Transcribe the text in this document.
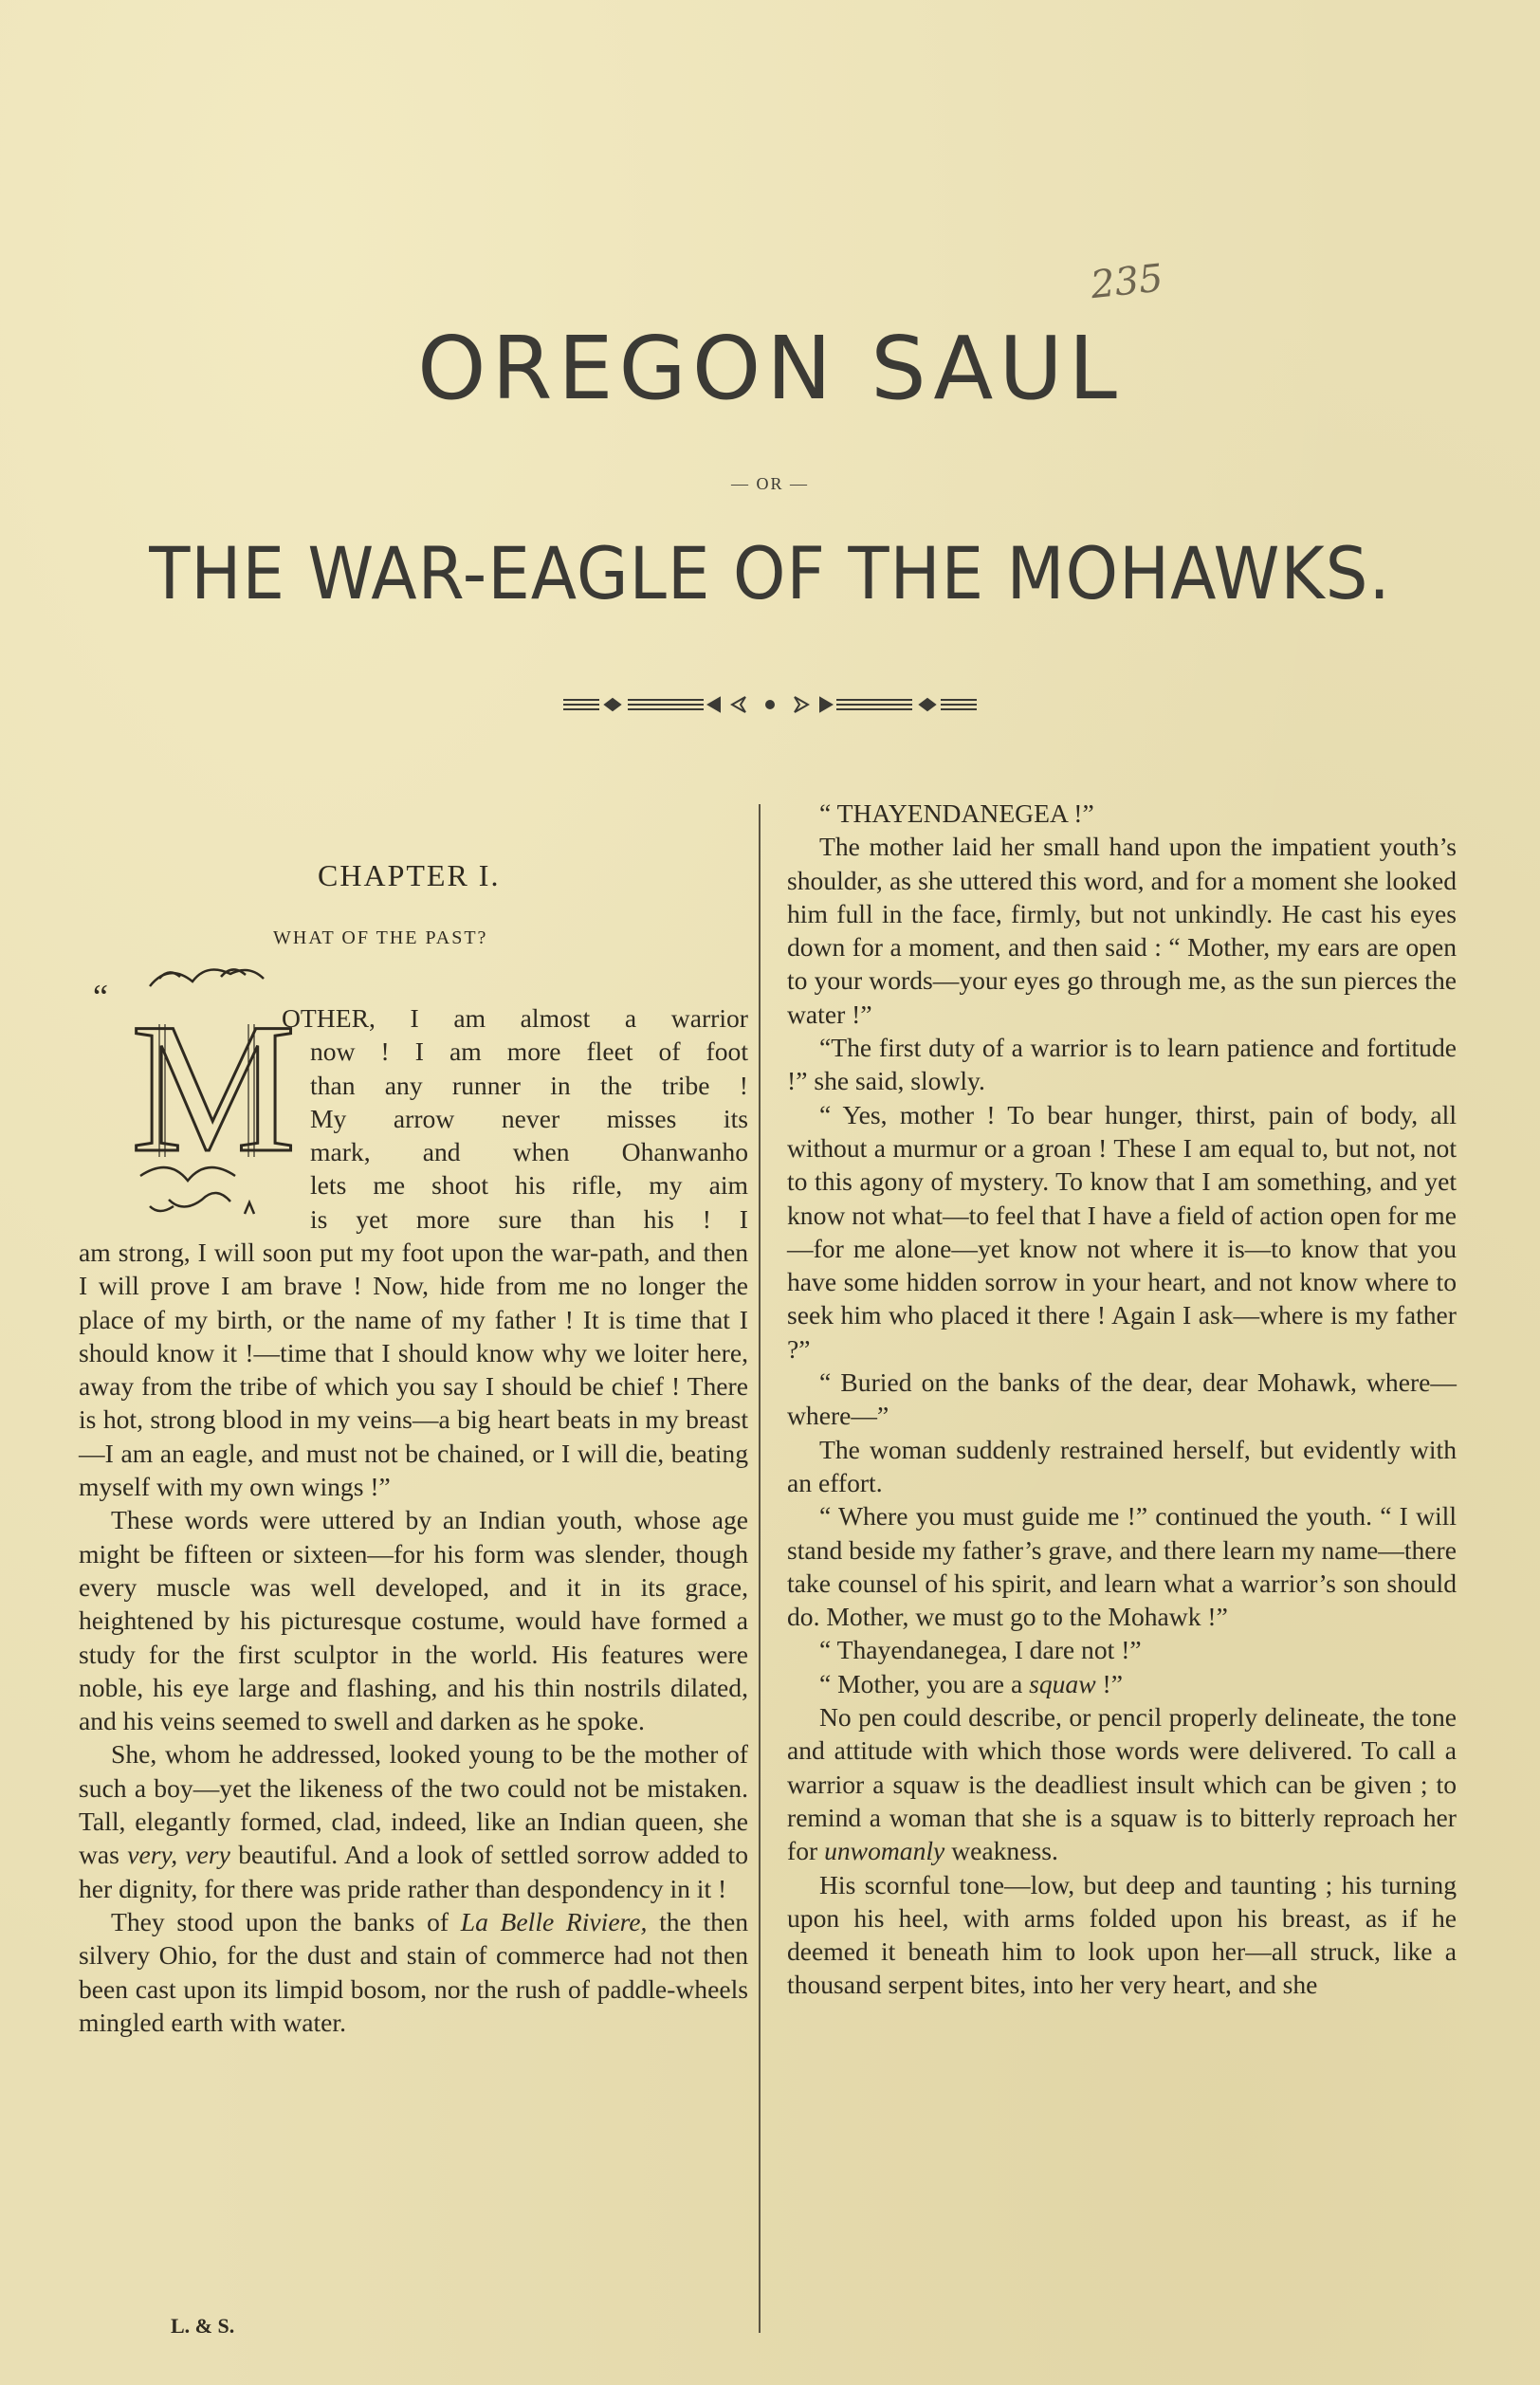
235
OREGON SAUL
— OR —
THE WAR-EAGLE OF THE MOHAWKS.
CHAPTER I.
WHAT OF THE PAST?
“ M
OTHER, I am almost a warrior
now ! I am more fleet of foot
than any runner in the tribe !
My arrow never misses its
mark, and when Ohanwanho
lets me shoot his rifle, my aim
is yet more sure than his ! I

am strong, I will soon put my foot upon the war-path, and then I will prove I am brave ! Now, hide from me no longer the place of my birth, or the name of my father ! It is time that I should know it !—time that I should know why we loiter here, away from the tribe of which you say I should be chief ! There is hot, strong blood in my veins—a big heart beats in my breast—I am an eagle, and must not be chained, or I will die, beating myself with my own wings !”

These words were uttered by an Indian youth, whose age might be fifteen or sixteen—for his form was slender, though every muscle was well developed, and it in its grace, heightened by his picturesque costume, would have formed a study for the first sculptor in the world. His features were noble, his eye large and flashing, and his thin nostrils dilated, and his veins seemed to swell and darken as he spoke.

She, whom he addressed, looked young to be the mother of such a boy—yet the likeness of the two could not be mistaken. Tall, elegantly formed, clad, indeed, like an Indian queen, she was very, very beautiful. And a look of settled sorrow added to her dignity, for there was pride rather than despondency in it !

They stood upon the banks of La Belle Riviere, the then silvery Ohio, for the dust and stain of commerce had not then been cast upon its limpid bosom, nor the rush of paddle-wheels mingled earth with water.

“ THAYENDANEGEA !”

The mother laid her small hand upon the impatient youth’s shoulder, as she uttered this word, and for a moment she looked him full in the face, firmly, but not unkindly. He cast his eyes down for a moment, and then said : “ Mother, my ears are open to your words—your eyes go through me, as the sun pierces the water !”

“The first duty of a warrior is to learn patience and fortitude !” she said, slowly.

“ Yes, mother ! To bear hunger, thirst, pain of body, all without a murmur or a groan ! These I am equal to, but not, not to this agony of mystery. To know that I am something, and yet know not what—to feel that I have a field of action open for me—for me alone—yet know not where it is—to know that you have some hidden sorrow in your heart, and not know where to seek him who placed it there ! Again I ask—where is my father ?”

“ Buried on the banks of the dear, dear Mohawk, where—where—”

The woman suddenly restrained herself, but evidently with an effort.

“ Where you must guide me !” continued the youth. “ I will stand beside my father’s grave, and there learn my name—there take counsel of his spirit, and learn what a warrior’s son should do. Mother, we must go to the Mohawk !”

“ Thayendanegea, I dare not !”

“ Mother, you are a squaw !”

No pen could describe, or pencil properly delineate, the tone and attitude with which those words were delivered. To call a warrior a squaw is the deadliest insult which can be given ; to remind a woman that she is a squaw is to bitterly reproach her for unwomanly weakness.

His scornful tone—low, but deep and taunting ; his turning upon his heel, with arms folded upon his breast, as if he deemed it beneath him to look upon her—all struck, like a thousand serpent bites, into her very heart, and she

L. & S.
